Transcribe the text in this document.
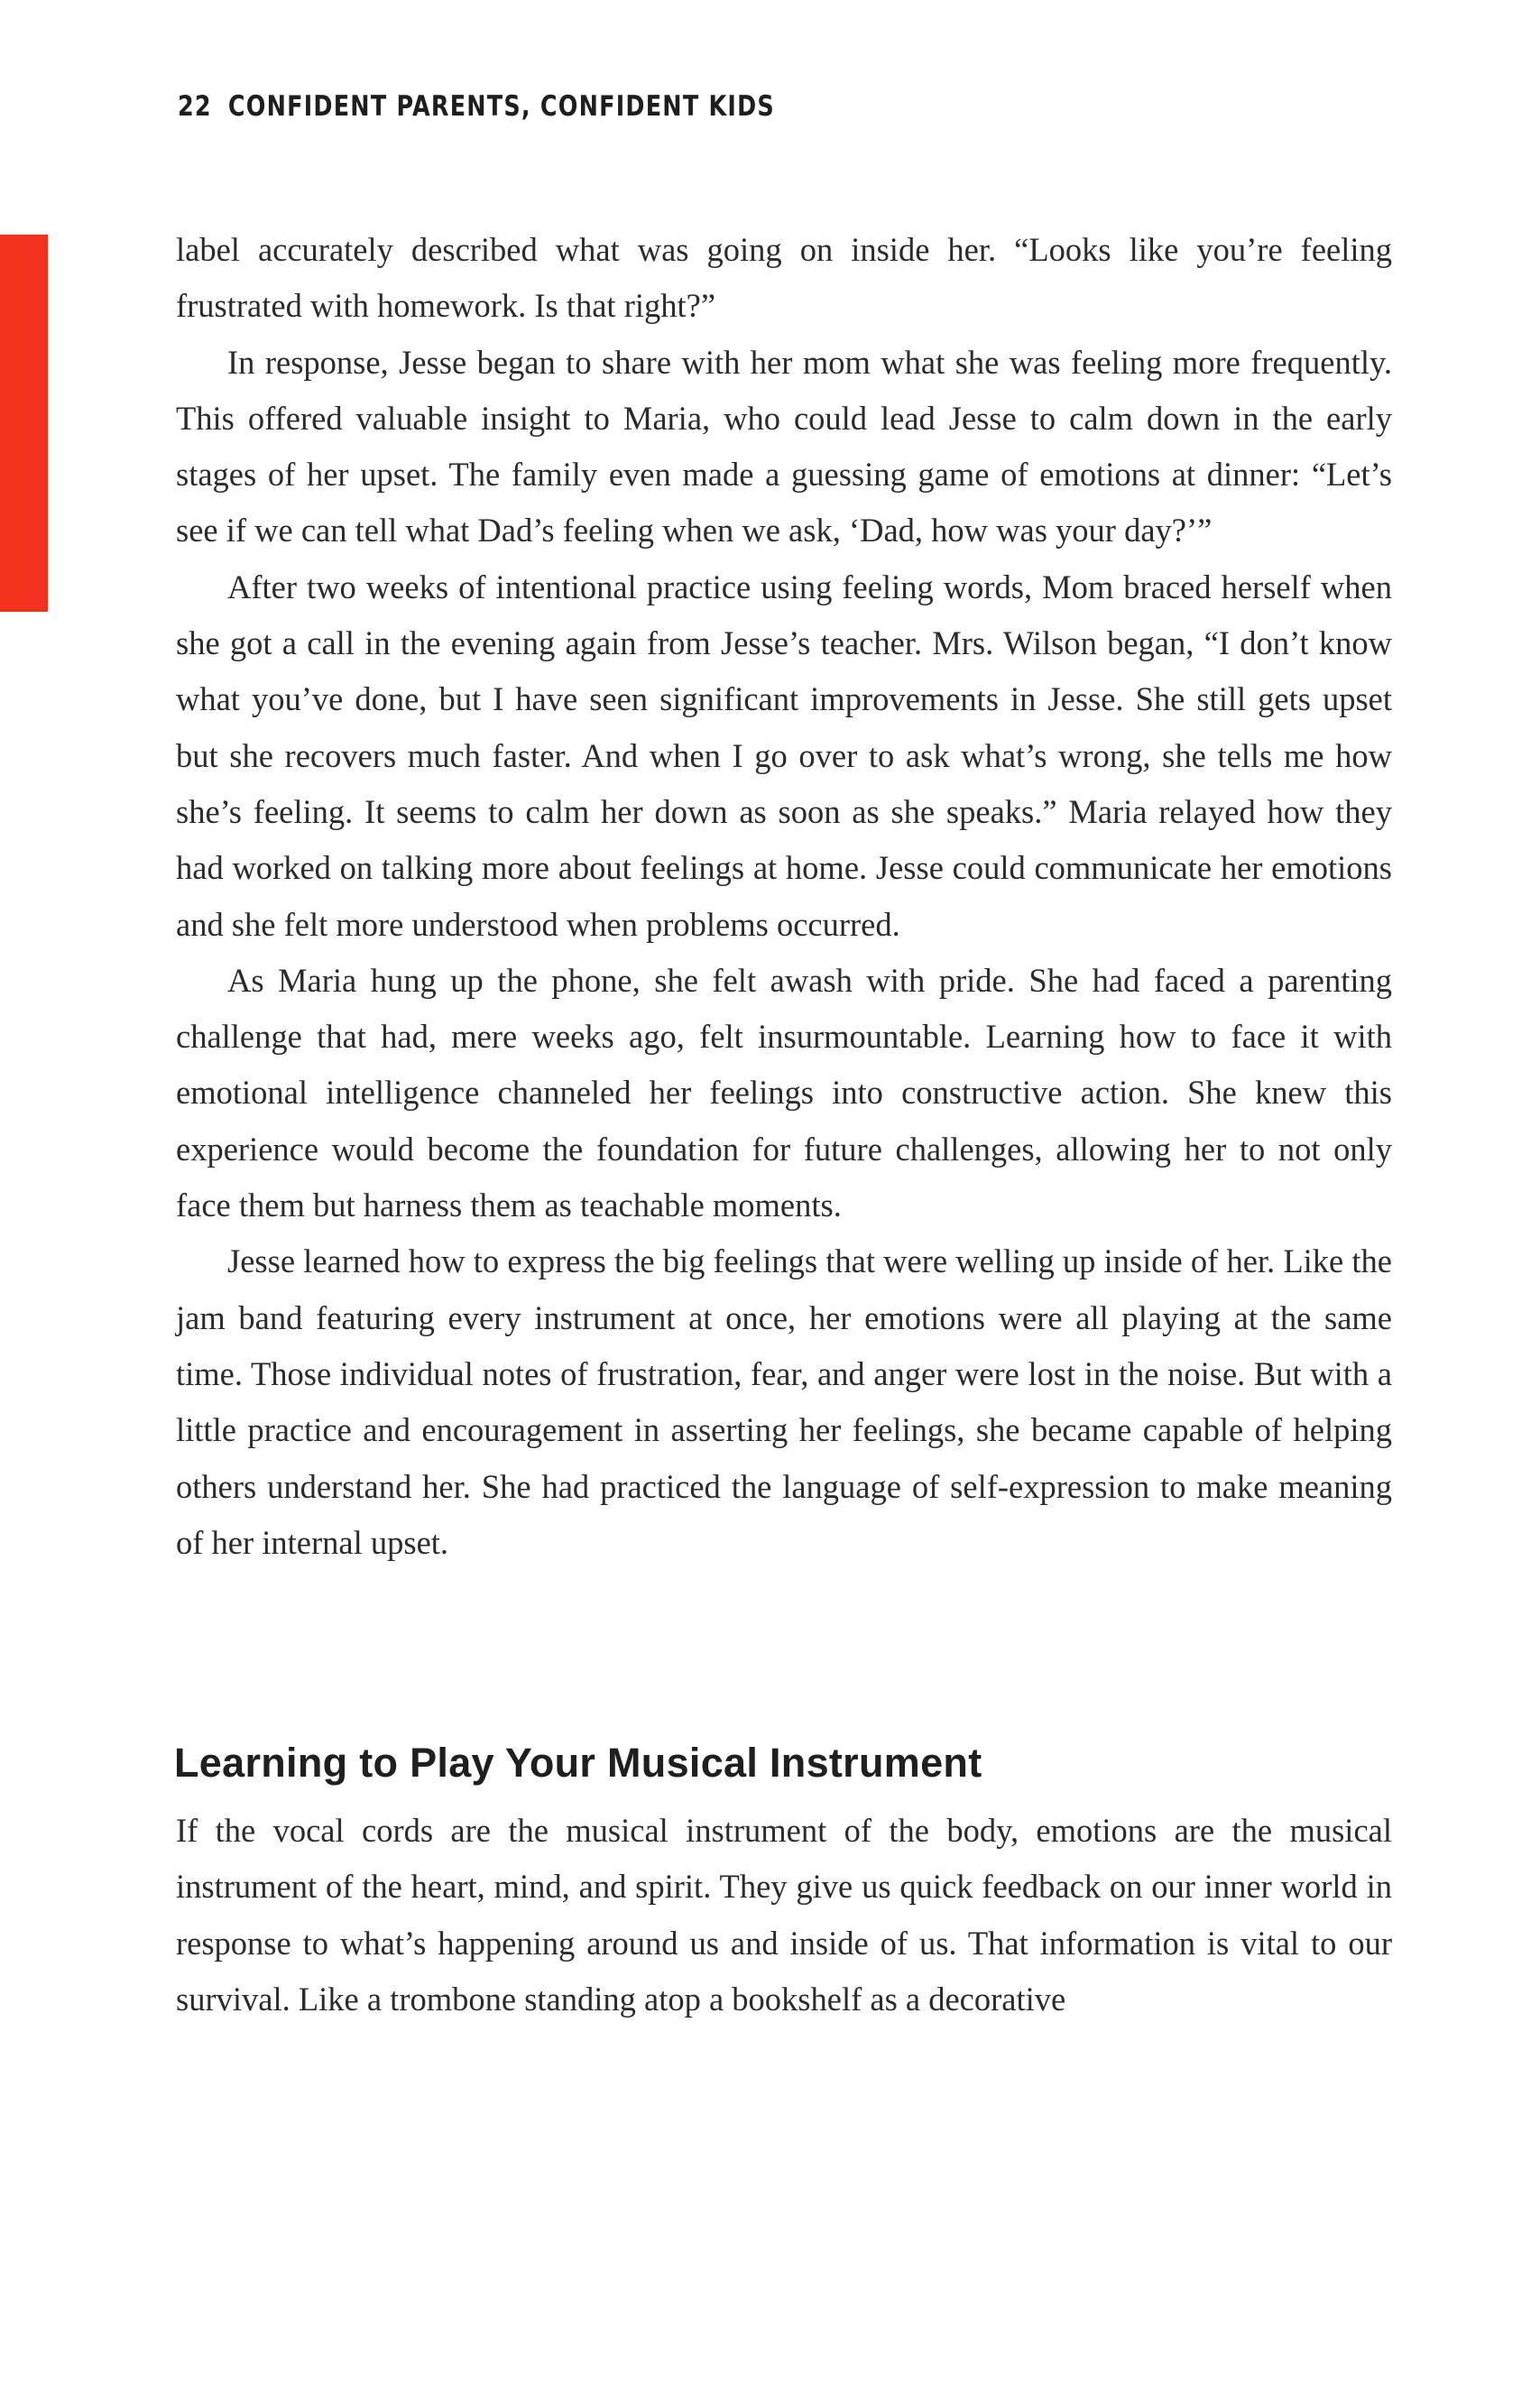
22 CONFIDENT PARENTS, CONFIDENT KIDS

label accurately described what was going on inside her. “Looks like you’re feeling frustrated with homework. Is that right?”

In response, Jesse began to share with her mom what she was feeling more frequently. This offered valuable insight to Maria, who could lead Jesse to calm down in the early stages of her upset. The family even made a guessing game of emotions at dinner: “Let’s see if we can tell what Dad’s feeling when we ask, ‘Dad, how was your day?’”

After two weeks of intentional practice using feeling words, Mom braced herself when she got a call in the evening again from Jesse’s teacher. Mrs. Wilson began, “I don’t know what you’ve done, but I have seen significant improvements in Jesse. She still gets upset but she recovers much faster. And when I go over to ask what’s wrong, she tells me how she’s feeling. It seems to calm her down as soon as she speaks.” Maria relayed how they had worked on talking more about feelings at home. Jesse could communicate her emotions and she felt more understood when problems occurred.

As Maria hung up the phone, she felt awash with pride. She had faced a parenting challenge that had, mere weeks ago, felt insurmountable. Learning how to face it with emotional intelligence channeled her feelings into constructive action. She knew this experience would become the foundation for future challenges, allowing her to not only face them but harness them as teachable moments.

Jesse learned how to express the big feelings that were welling up inside of her. Like the jam band featuring every instrument at once, her emotions were all playing at the same time. Those individual notes of frustration, fear, and anger were lost in the noise. But with a little practice and encouragement in asserting her feelings, she became capable of helping others understand her. She had practiced the language of self-expression to make meaning of her internal upset.

Learning to Play Your Musical Instrument

If the vocal cords are the musical instrument of the body, emotions are the musical instrument of the heart, mind, and spirit. They give us quick feedback on our inner world in response to what’s happening around us and inside of us. That information is vital to our survival. Like a trombone standing atop a bookshelf as a decorative
